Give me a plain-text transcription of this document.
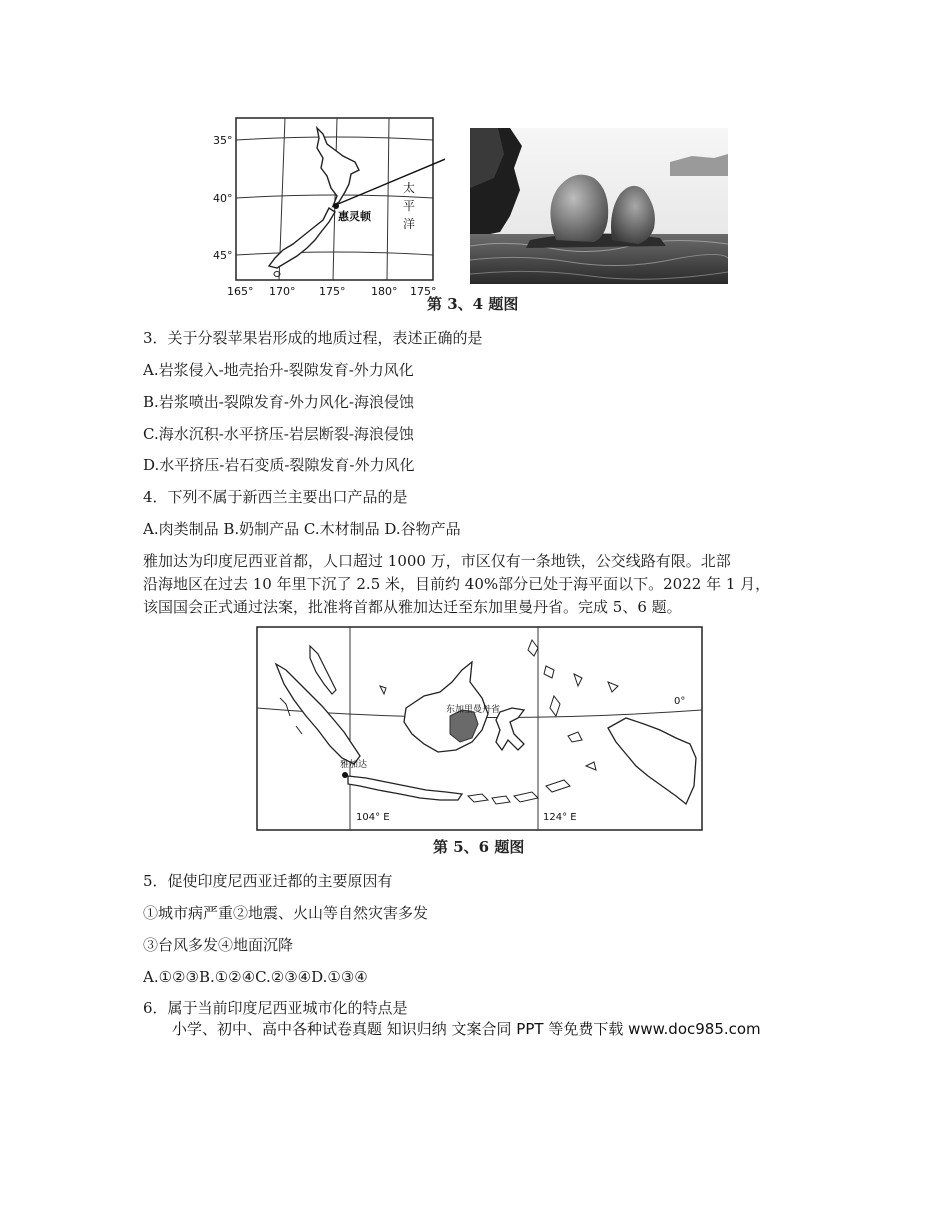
35°
40°
45°
165° 170° 175° 180° 175°
惠灵顿
太
平
洋
第 3、4 题图
3．关于分裂苹果岩形成的地质过程，表述正确的是
A.岩浆侵入-地壳抬升-裂隙发育-外力风化
B.岩浆喷出-裂隙发育-外力风化-海浪侵蚀
C.海水沉积-水平挤压-岩层断裂-海浪侵蚀
D.水平挤压-岩石变质-裂隙发育-外力风化
4．下列不属于新西兰主要出口产品的是
A.肉类制品 B.奶制产品 C.木材制品 D.谷物产品
雅加达为印度尼西亚首都，人口超过 1000 万，市区仅有一条地铁，公交线路有限。北部
沿海地区在过去 10 年里下沉了 2.5 米，目前约 40%部分已处于海平面以下。2022 年 1 月，
该国国会正式通过法案，批准将首都从雅加达迁至东加里曼丹省。完成 5、6 题。
东加里曼丹省
雅加达
0°
104° E	124° E
第 5、6 题图
5．促使印度尼西亚迁都的主要原因有
①城市病严重②地震、火山等自然灾害多发
③台风多发④地面沉降
A.①②③B.①②④C.②③④D.①③④
6．属于当前印度尼西亚城市化的特点是
小学、初中、高中各种试卷真题 知识归纳 文案合同 PPT 等免费下载 www.doc985.com
